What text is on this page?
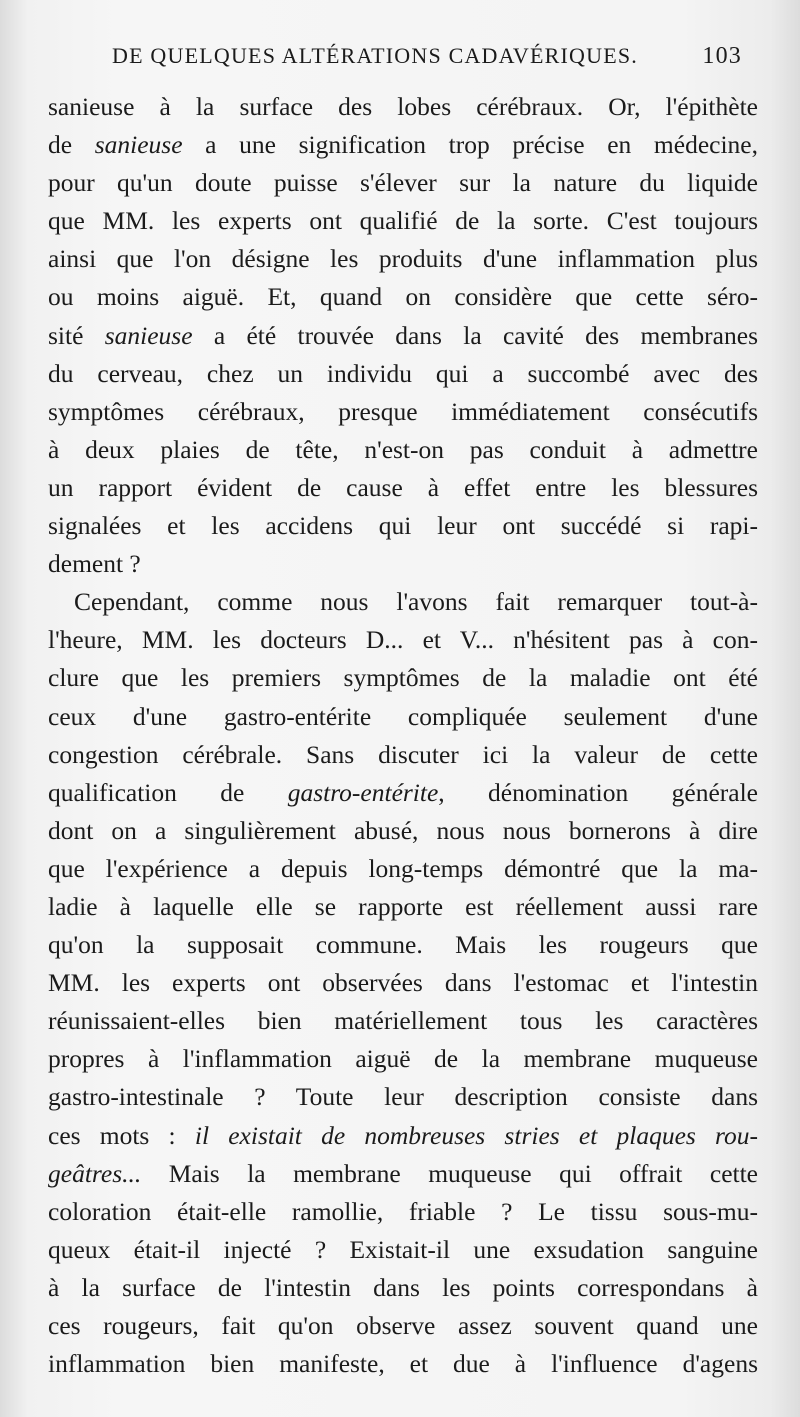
DE QUELQUES ALTÉRATIONS CADAVÉRIQUES.	103
sanieuse à la surface des lobes cérébraux. Or, l'épithète
de sanieuse a une signification trop précise en médecine,
pour qu'un doute puisse s'élever sur la nature du liquide
que MM. les experts ont qualifié de la sorte. C'est toujours
ainsi que l'on désigne les produits d'une inflammation plus
ou moins aiguë. Et, quand on considère que cette séro-
sité sanieuse a été trouvée dans la cavité des membranes
du cerveau, chez un individu qui a succombé avec des
symptômes cérébraux, presque immédiatement consécutifs
à deux plaies de tête, n'est-on pas conduit à admettre
un rapport évident de cause à effet entre les blessures
signalées et les accidens qui leur ont succédé si rapi-
dement ?
Cependant, comme nous l'avons fait remarquer tout-à-
l'heure, MM. les docteurs D... et V... n'hésitent pas à con-
clure que les premiers symptômes de la maladie ont été
ceux d'une gastro-entérite compliquée seulement d'une
congestion cérébrale. Sans discuter ici la valeur de cette
qualification de gastro-entérite, dénomination générale
dont on a singulièrement abusé, nous nous bornerons à dire
que l'expérience a depuis long-temps démontré que la ma-
ladie à laquelle elle se rapporte est réellement aussi rare
qu'on la supposait commune. Mais les rougeurs que
MM. les experts ont observées dans l'estomac et l'intestin
réunissaient-elles bien matériellement tous les caractères
propres à l'inflammation aiguë de la membrane muqueuse
gastro-intestinale ? Toute leur description consiste dans
ces mots : il existait de nombreuses stries et plaques rou-
geâtres... Mais la membrane muqueuse qui offrait cette
coloration était-elle ramollie, friable ? Le tissu sous-mu-
queux était-il injecté ? Existait-il une exsudation sanguine
à la surface de l'intestin dans les points correspondans à
ces rougeurs, fait qu'on observe assez souvent quand une
inflammation bien manifeste, et due à l'influence d'agens
